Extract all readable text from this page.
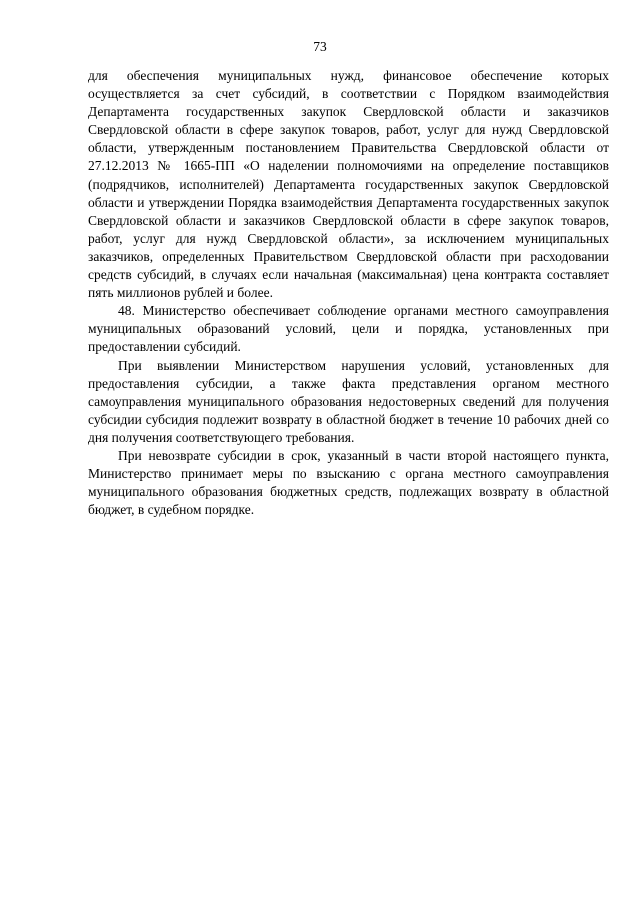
73

для обеспечения муниципальных нужд, финансовое обеспечение которых осуществляется за счет субсидий, в соответствии с Порядком взаимодействия Департамента государственных закупок Свердловской области и заказчиков Свердловской области в сфере закупок товаров, работ, услуг для нужд Свердловской области, утвержденным постановлением Правительства Свердловской области от 27.12.2013 № 1665-ПП «О наделении полномочиями на определение поставщиков (подрядчиков, исполнителей) Департамента государственных закупок Свердловской области и утверждении Порядка взаимодействия Департамента государственных закупок Свердловской области и заказчиков Свердловской области в сфере закупок товаров, работ, услуг для нужд Свердловской области», за исключением муниципальных заказчиков, определенных Правительством Свердловской области при расходовании средств субсидий, в случаях если начальная (максимальная) цена контракта составляет пять миллионов рублей и более.

48. Министерство обеспечивает соблюдение органами местного самоуправления муниципальных образований условий, цели и порядка, установленных при предоставлении субсидий.

При выявлении Министерством нарушения условий, установленных для предоставления субсидии, а также факта представления органом местного самоуправления муниципального образования недостоверных сведений для получения субсидии субсидия подлежит возврату в областной бюджет в течение 10 рабочих дней со дня получения соответствующего требования.

При невозврате субсидии в срок, указанный в части второй настоящего пункта, Министерство принимает меры по взысканию с органа местного самоуправления муниципального образования бюджетных средств, подлежащих возврату в областной бюджет, в судебном порядке.
